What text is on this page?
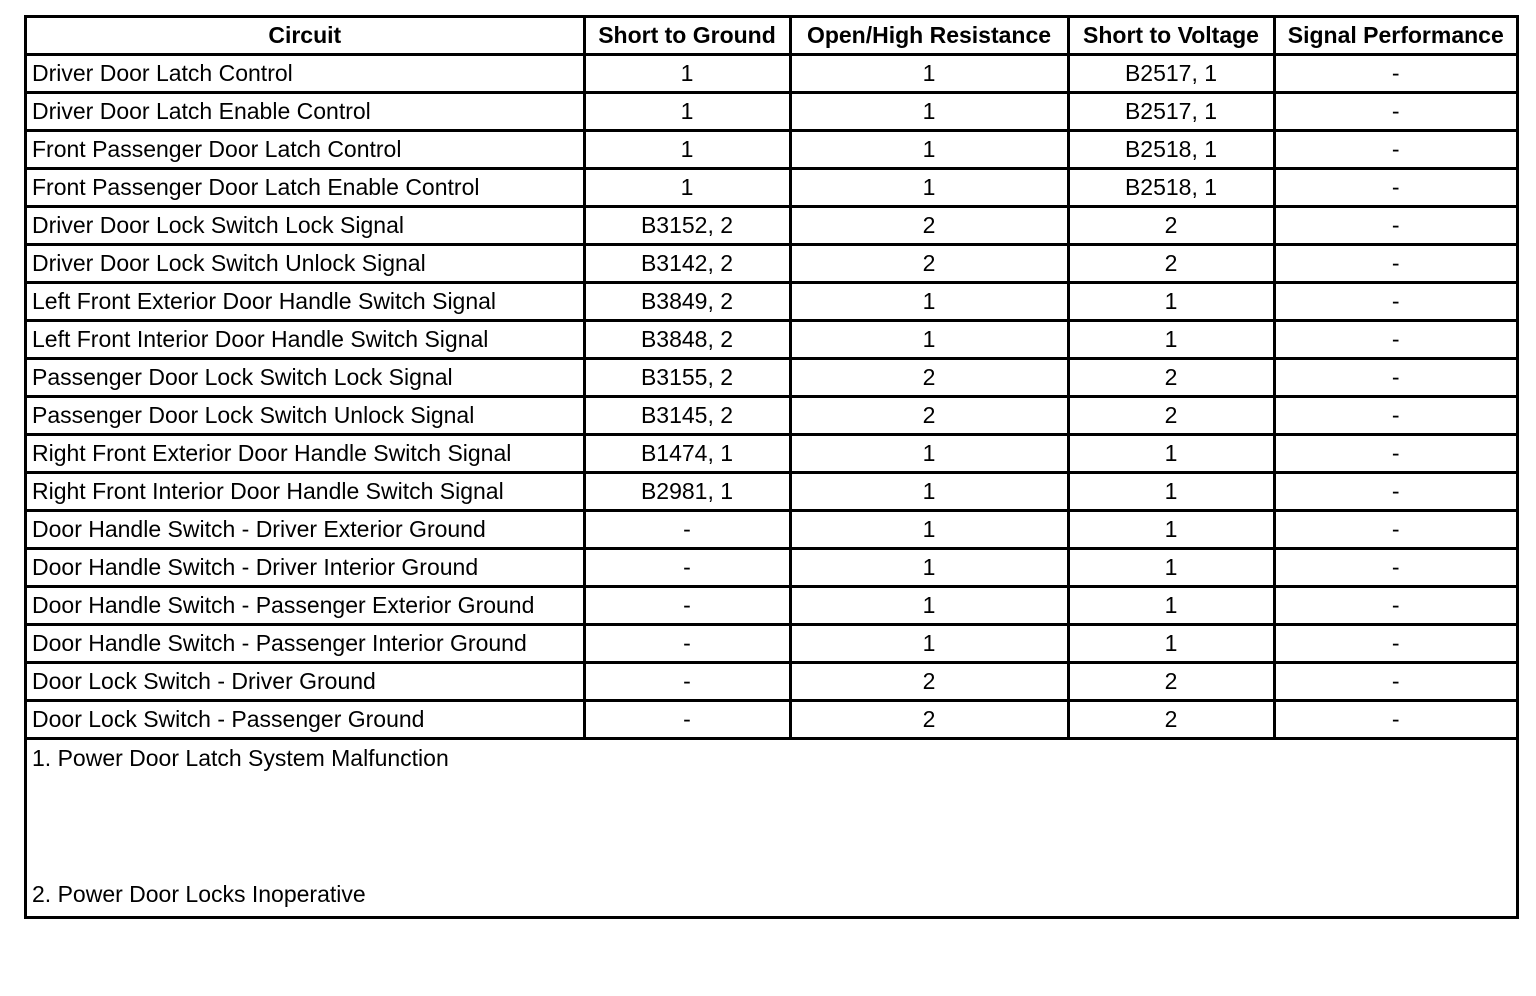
Circuit	Short to Ground	Open/High Resistance	Short to Voltage	Signal Performance
Driver Door Latch Control	1	1	B2517, 1	-
Driver Door Latch Enable Control	1	1	B2517, 1	-
Front Passenger Door Latch Control	1	1	B2518, 1	-
Front Passenger Door Latch Enable Control	1	1	B2518, 1	-
Driver Door Lock Switch Lock Signal	B3152, 2	2	2	-
Driver Door Lock Switch Unlock Signal	B3142, 2	2	2	-
Left Front Exterior Door Handle Switch Signal	B3849, 2	1	1	-
Left Front Interior Door Handle Switch Signal	B3848, 2	1	1	-
Passenger Door Lock Switch Lock Signal	B3155, 2	2	2	-
Passenger Door Lock Switch Unlock Signal	B3145, 2	2	2	-
Right Front Exterior Door Handle Switch Signal	B1474, 1	1	1	-
Right Front Interior Door Handle Switch Signal	B2981, 1	1	1	-
Door Handle Switch - Driver Exterior Ground	-	1	1	-
Door Handle Switch - Driver Interior Ground	-	1	1	-
Door Handle Switch - Passenger Exterior Ground	-	1	1	-
Door Handle Switch - Passenger Interior Ground	-	1	1	-
Door Lock Switch - Driver Ground	-	2	2	-
Door Lock Switch - Passenger Ground	-	2	2	-
1. Power Door Latch System Malfunction
2. Power Door Locks Inoperative
